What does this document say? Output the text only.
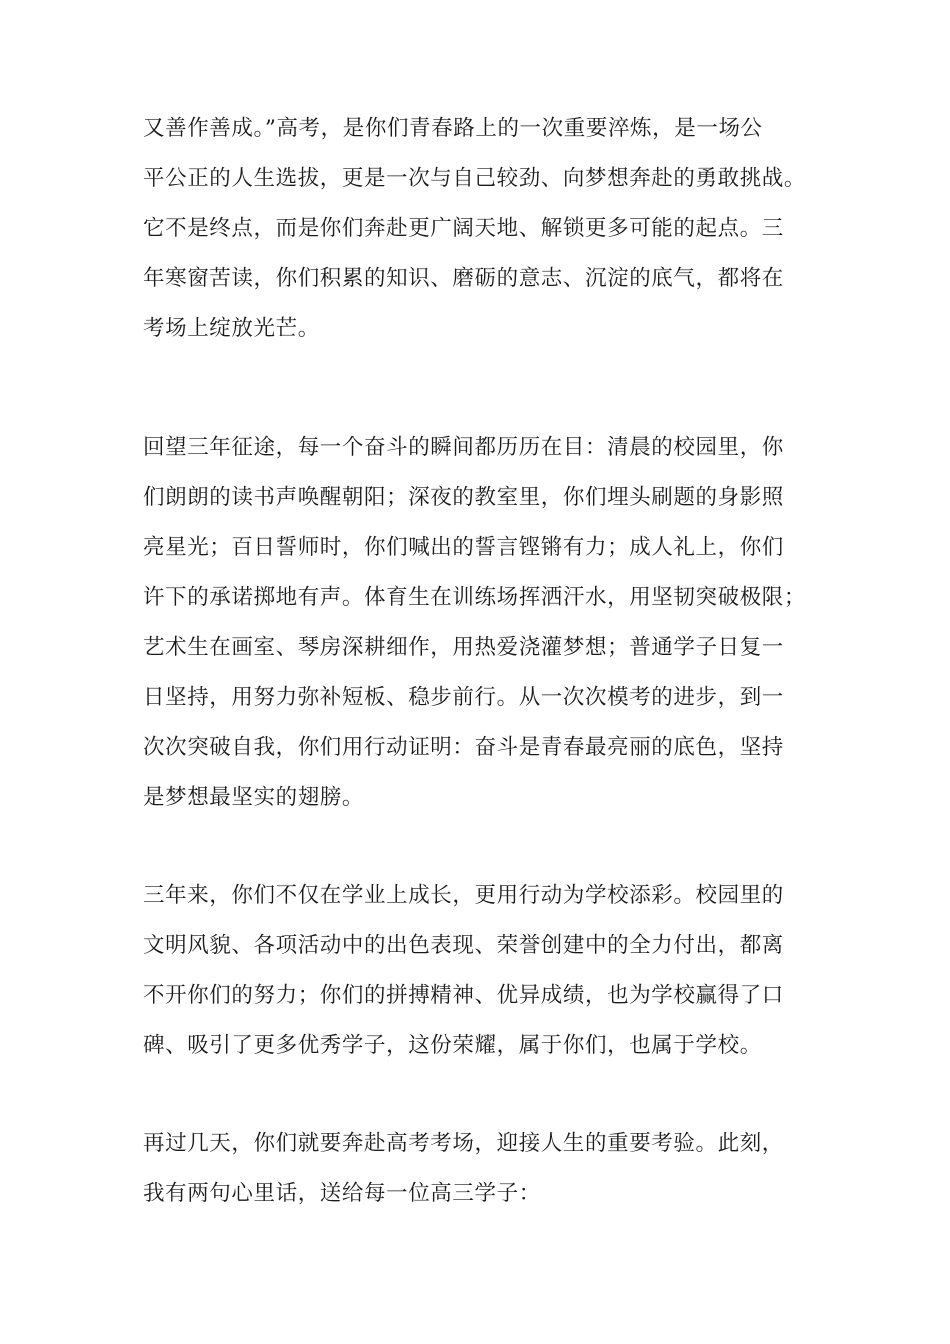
又善作善成。”高考，是你们青春路上的一次重要淬炼，是一场公
平公正的人生选拔，更是一次与自己较劲、向梦想奔赴的勇敢挑战。
它不是终点，而是你们奔赴更广阔天地、解锁更多可能的起点。三
年寒窗苦读，你们积累的知识、磨砺的意志、沉淀的底气，都将在
考场上绽放光芒。
回望三年征途，每一个奋斗的瞬间都历历在目：清晨的校园里，你
们朗朗的读书声唤醒朝阳；深夜的教室里，你们埋头刷题的身影照
亮星光；百日誓师时，你们喊出的誓言铿锵有力；成人礼上，你们
许下的承诺掷地有声。体育生在训练场挥洒汗水，用坚韧突破极限；
艺术生在画室、琴房深耕细作，用热爱浇灌梦想；普通学子日复一
日坚持，用努力弥补短板、稳步前行。从一次次模考的进步，到一
次次突破自我，你们用行动证明：奋斗是青春最亮丽的底色，坚持
是梦想最坚实的翅膀。
三年来，你们不仅在学业上成长，更用行动为学校添彩。校园里的
文明风貌、各项活动中的出色表现、荣誉创建中的全力付出，都离
不开你们的努力；你们的拼搏精神、优异成绩，也为学校赢得了口
碑、吸引了更多优秀学子，这份荣耀，属于你们，也属于学校。
再过几天，你们就要奔赴高考考场，迎接人生的重要考验。此刻，
我有两句心里话，送给每一位高三学子：
